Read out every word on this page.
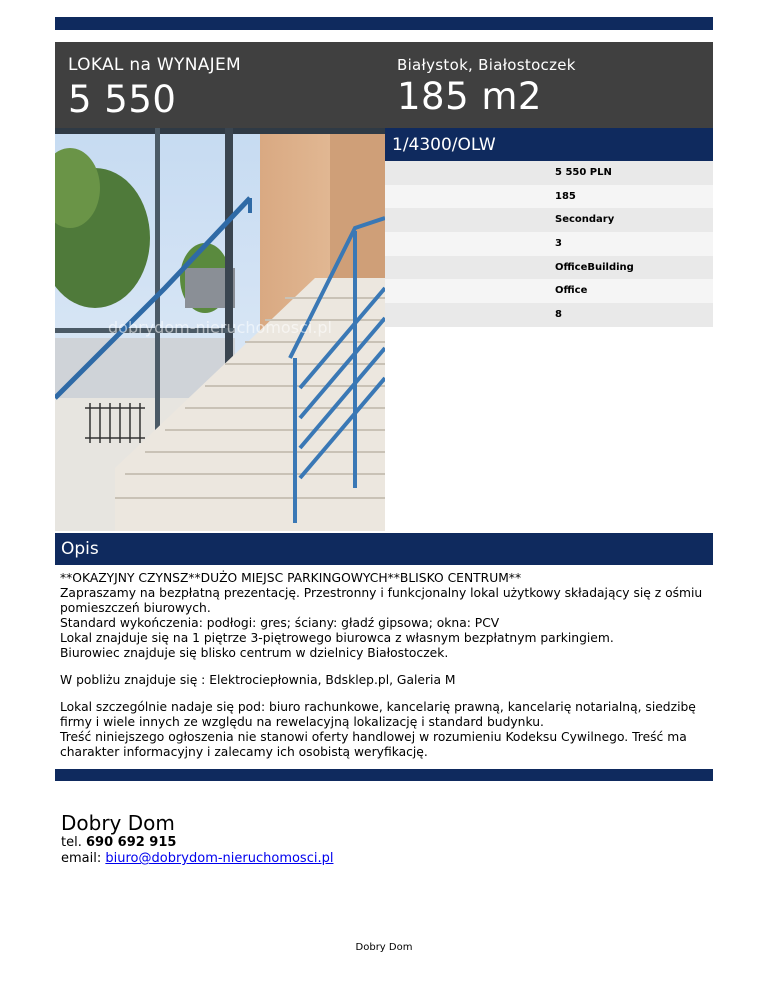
LOKAL na WYNAJEM
5 550
Białystok, Białostoczek
185 m2
dobrydom-nieruchomosci.pl
1/4300/OLW
5 550 PLN
185
Secondary
3
OfficeBuilding
Office
8
Opis

**OKAZYJNY CZYNSZ**DUŻO MIEJSC PARKINGOWYCH**BLISKO CENTRUM**
Zapraszamy na bezpłatną prezentację. Przestronny i funkcjonalny lokal użytkowy składający się z ośmiu pomieszczeń biurowych.
Standard wykończenia: podłogi: gres; ściany: gładź gipsowa; okna: PCV
Lokal znajduje się na 1 piętrze 3-piętrowego biurowca z własnym bezpłatnym parkingiem.
Biurowiec znajduje się blisko centrum w dzielnicy Białostoczek.

W pobliżu znajduje się : Elektrociepłownia, Bdsklep.pl, Galeria M

Lokal szczególnie nadaje się pod: biuro rachunkowe, kancelarię prawną, kancelarię notarialną, siedzibę firmy i wiele innych ze względu na rewelacyjną lokalizację i standard budynku.
Treść niniejszego ogłoszenia nie stanowi oferty handlowej w rozumieniu Kodeksu Cywilnego. Treść ma charakter informacyjny i zalecamy ich osobistą weryfikację.

Dobry Dom
tel. 690 692 915
email: biuro@dobrydom-nieruchomosci.pl
Dobry Dom
